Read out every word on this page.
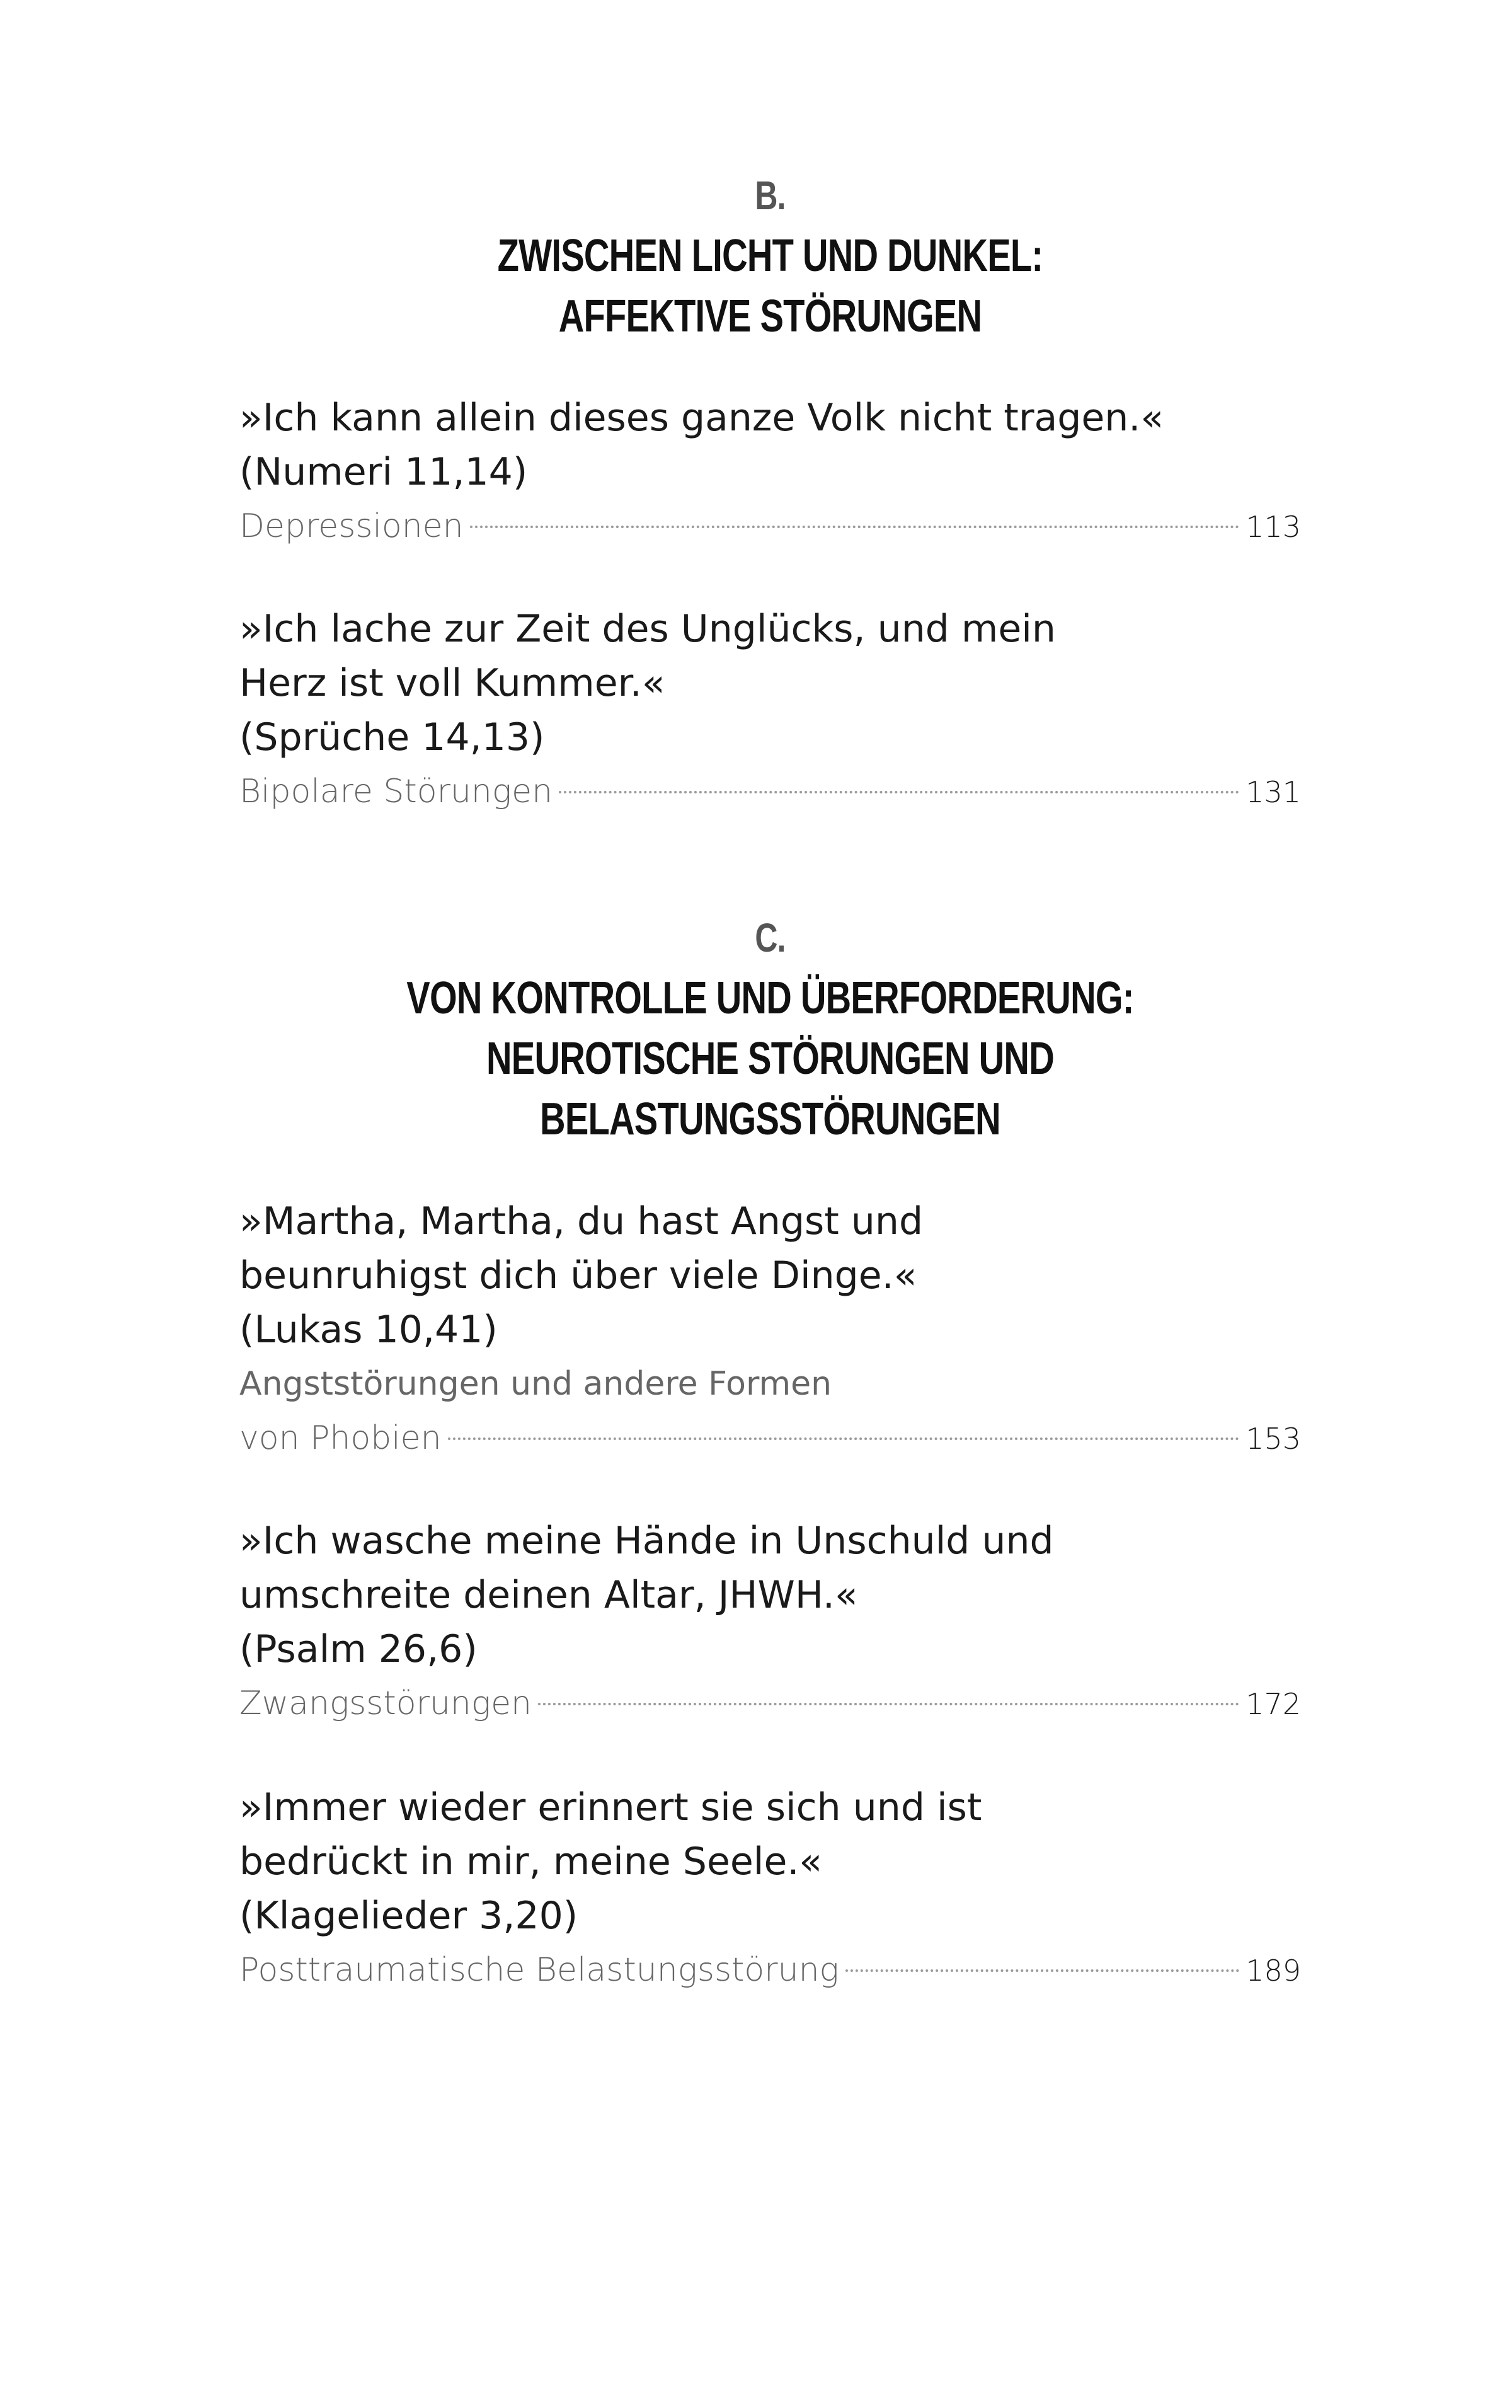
B.
ZWISCHEN LICHT UND DUNKEL:
AFFEKTIVE STÖRUNGEN
»Ich kann allein dieses ganze Volk nicht tragen.«
(Numeri 11,14)
Depressionen	113
»Ich lache zur Zeit des Unglücks, und mein
Herz ist voll Kummer.«
(Sprüche 14,13)
Bipolare Störungen	131
C.
VON KONTROLLE UND ÜBERFORDERUNG:
NEUROTISCHE STÖRUNGEN UND
BELASTUNGSSTÖRUNGEN
»Martha, Martha, du hast Angst und
beunruhigst dich über viele Dinge.«
(Lukas 10,41)
Angststörungen und andere Formen
von Phobien	153
»Ich wasche meine Hände in Unschuld und
umschreite deinen Altar, JHWH.«
(Psalm 26,6)
Zwangsstörungen	172
»Immer wieder erinnert sie sich und ist
bedrückt in mir, meine Seele.«
(Klagelieder 3,20)
Posttraumatische Belastungsstörung	189
